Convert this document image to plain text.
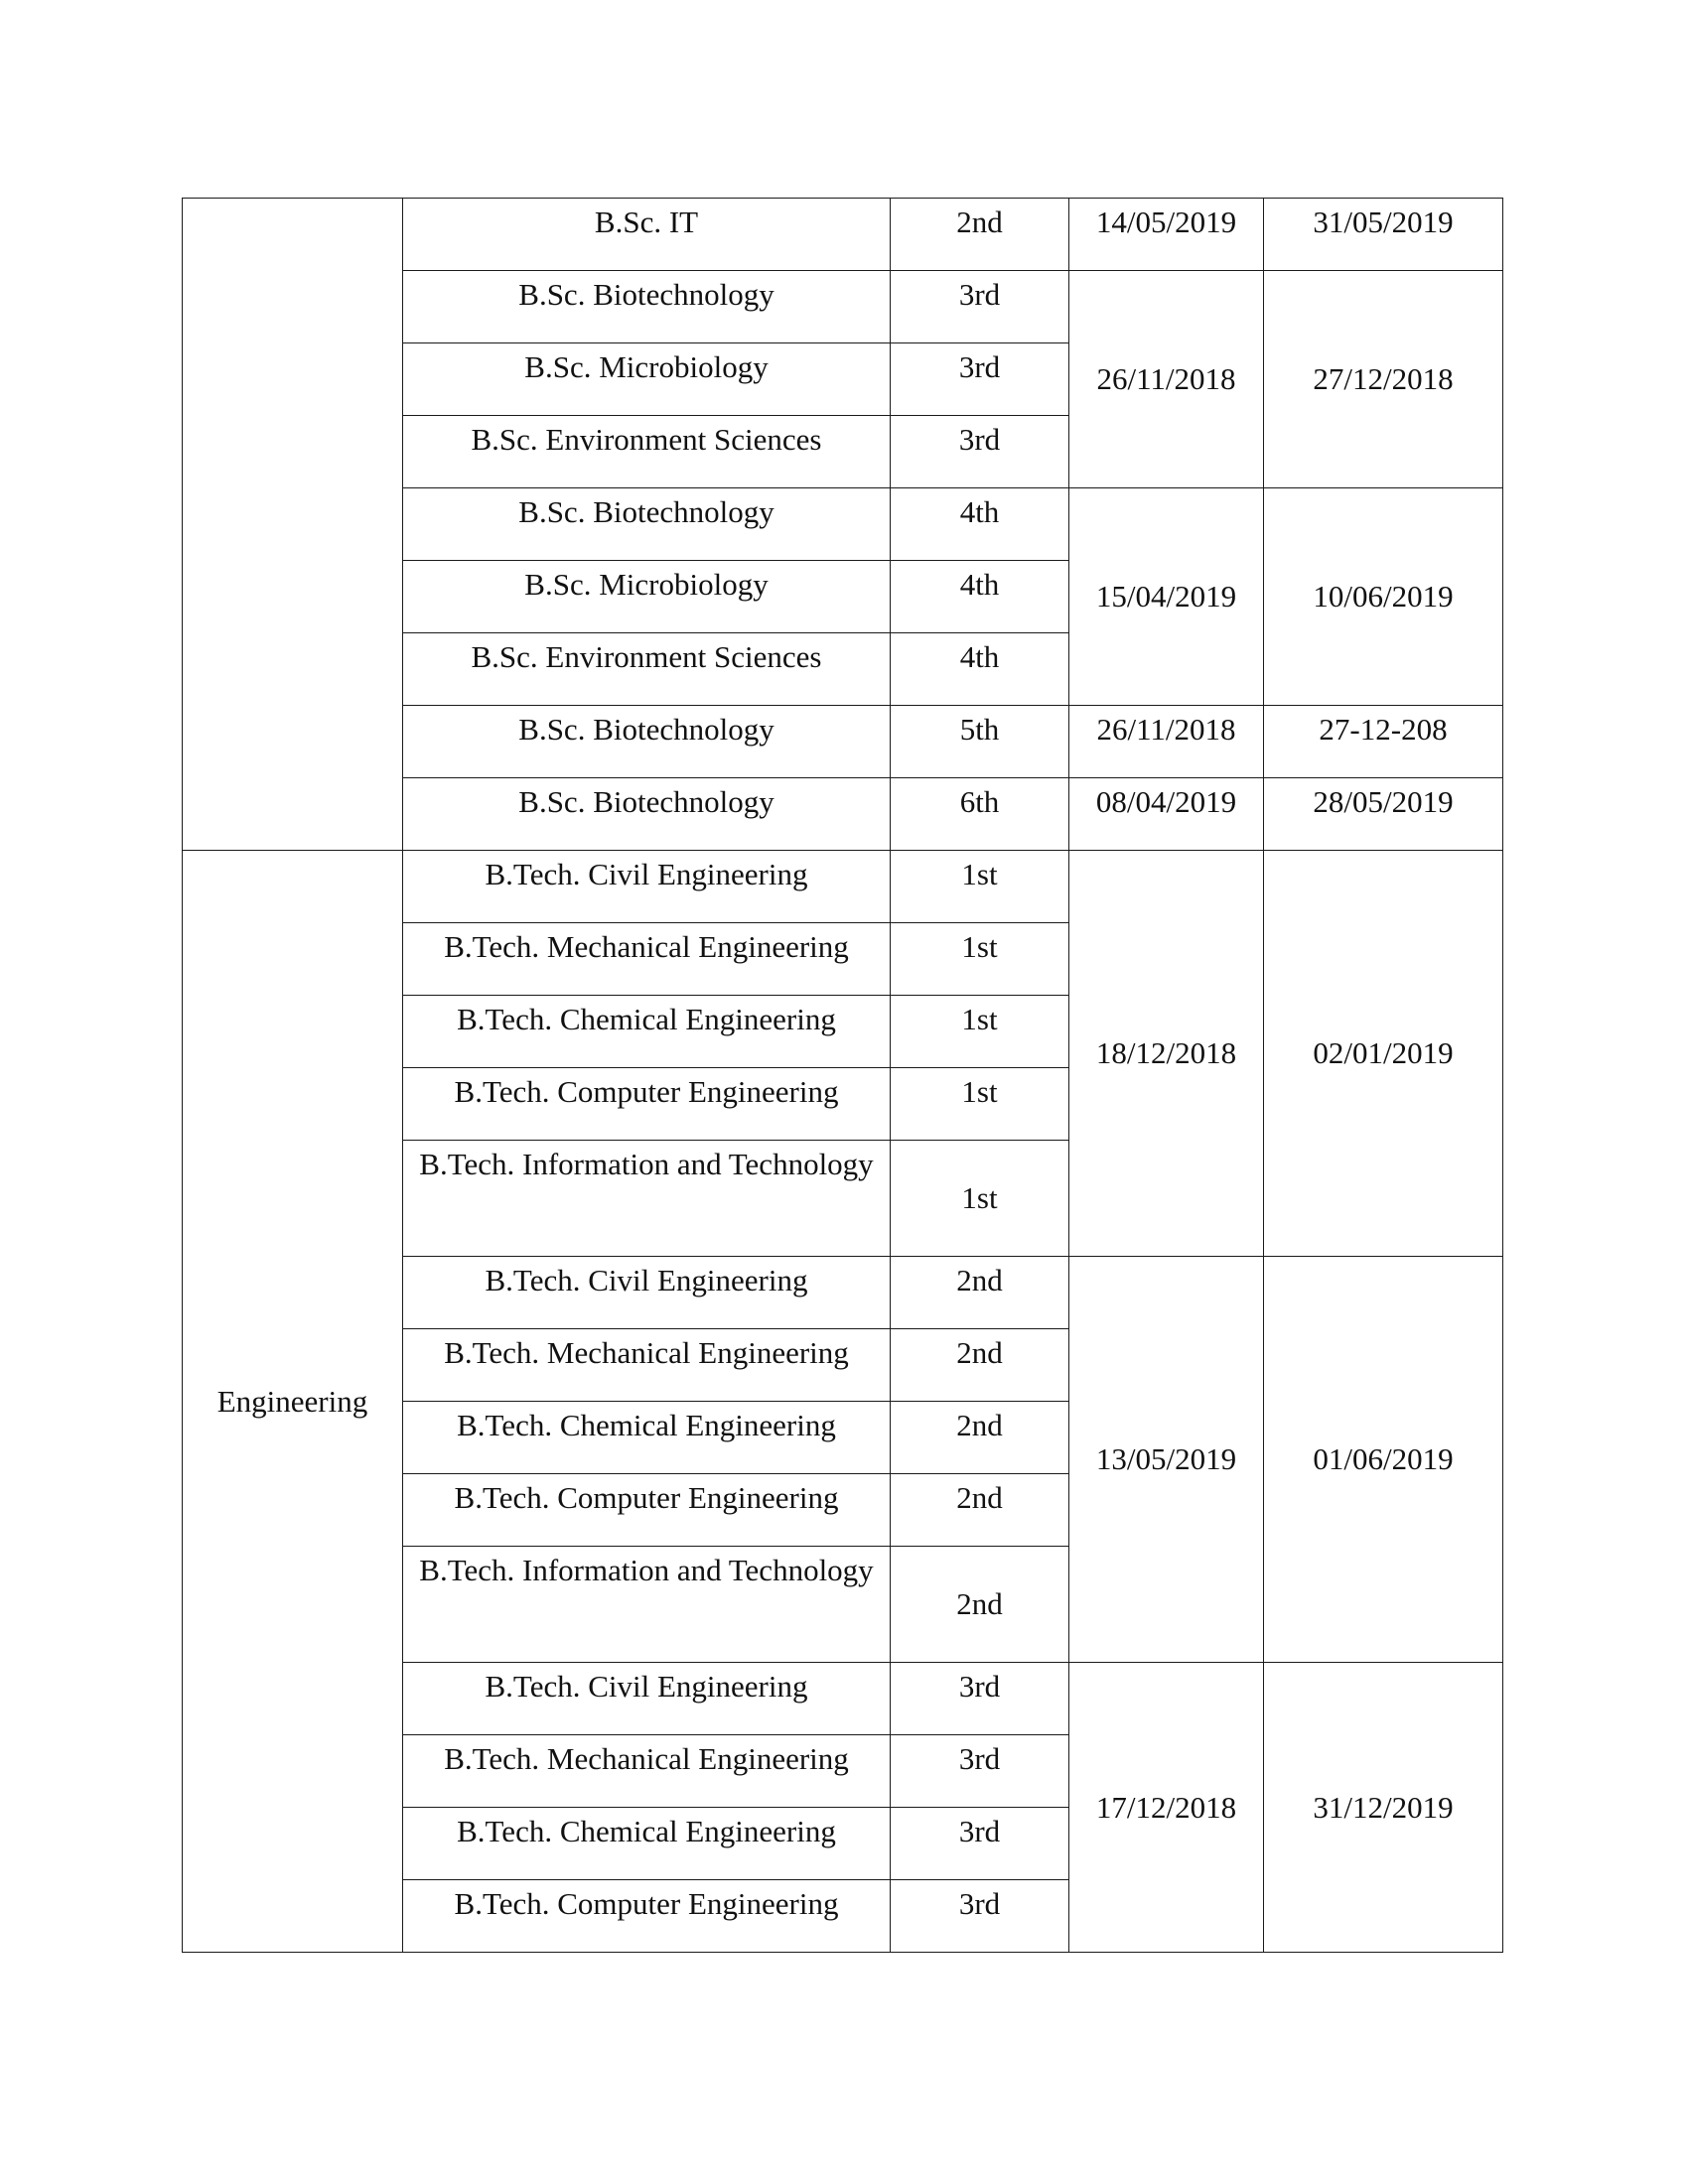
	B.Sc. IT	2nd	14/05/2019	31/05/2019
	B.Sc. Biotechnology	3rd	26/11/2018	27/12/2018
	B.Sc. Microbiology	3rd		
	B.Sc. Environment Sciences	3rd		
	B.Sc. Biotechnology	4th	15/04/2019	10/06/2019
	B.Sc. Microbiology	4th		
	B.Sc. Environment Sciences	4th		
	B.Sc. Biotechnology	5th	26/11/2018	27-12-208
	B.Sc. Biotechnology	6th	08/04/2019	28/05/2019
Engineering	B.Tech. Civil Engineering	1st	18/12/2018	02/01/2019
	B.Tech. Mechanical Engineering	1st		
	B.Tech. Chemical Engineering	1st		
	B.Tech. Computer Engineering	1st		
	B.Tech. Information and Technology	1st		
	B.Tech. Civil Engineering	2nd	13/05/2019	01/06/2019
	B.Tech. Mechanical Engineering	2nd		
	B.Tech. Chemical Engineering	2nd		
	B.Tech. Computer Engineering	2nd		
	B.Tech. Information and Technology	2nd		
	B.Tech. Civil Engineering	3rd	17/12/2018	31/12/2019
	B.Tech. Mechanical Engineering	3rd		
	B.Tech. Chemical Engineering	3rd		
	B.Tech. Computer Engineering	3rd		
